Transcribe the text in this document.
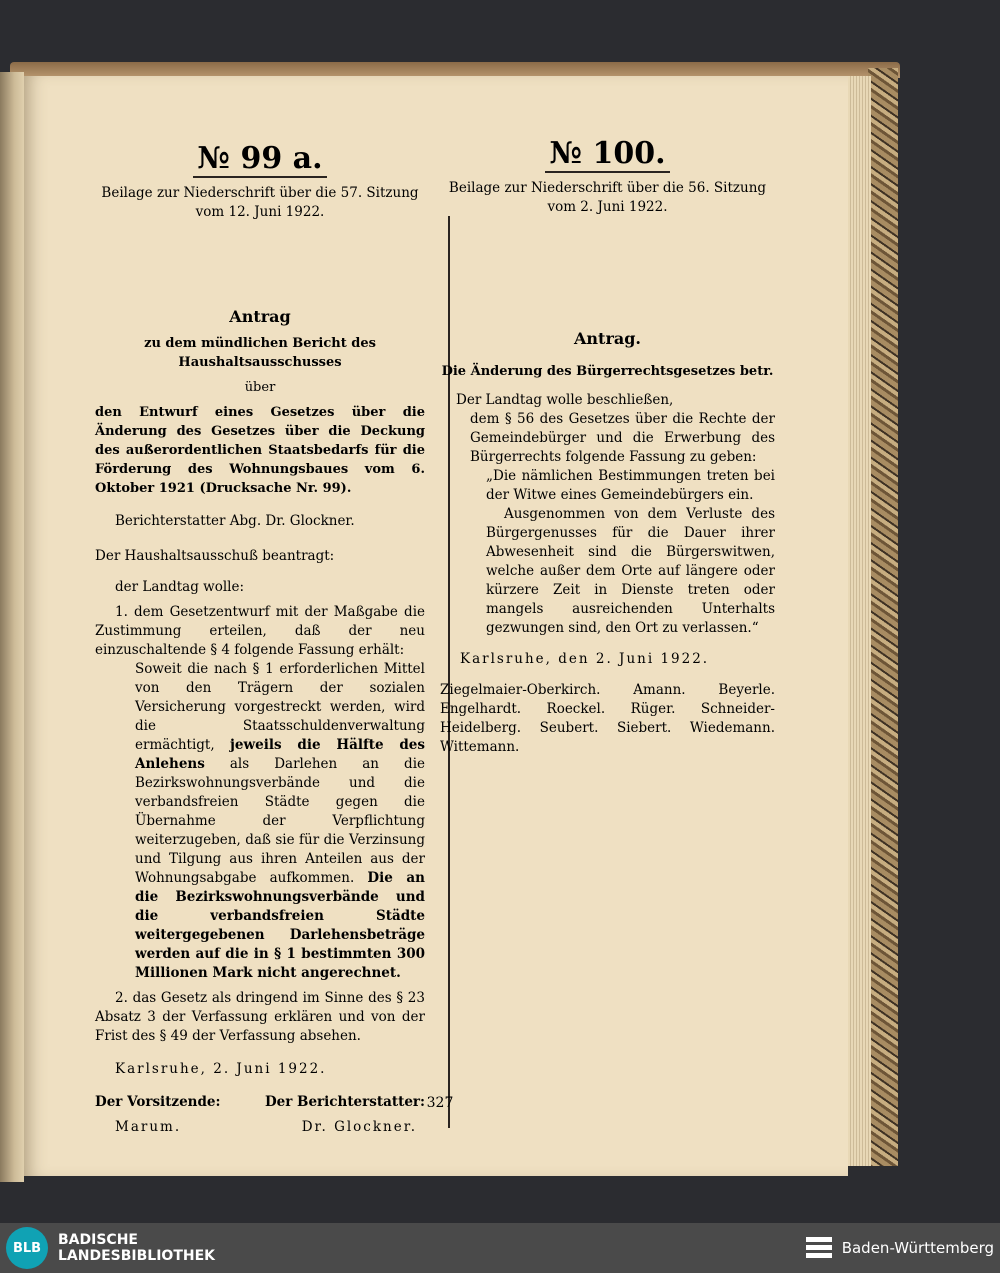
№ 99 a.
Beilage zur Niederschrift über die 57. Sitzung
vom 12. Juni 1922.
Antrag
zu dem mündlichen Bericht des Haushaltsausschusses
über
den Entwurf eines Gesetzes über die Änderung des Gesetzes über die Deckung des außerordentlichen Staatsbedarfs für die Förderung des Wohnungsbaues vom 6. Oktober 1921 (Drucksache Nr. 99).
Berichterstatter Abg. Dr. Glockner.
Der Haushaltsausschuß beantragt:
der Landtag wolle:
1. dem Gesetzentwurf mit der Maßgabe die Zustimmung erteilen, daß der neu einzuschaltende § 4 folgende Fassung erhält:
Soweit die nach § 1 erforderlichen Mittel von den Trägern der sozialen Versicherung vorgestreckt werden, wird die Staatsschuldenverwaltung ermächtigt, jeweils die Hälfte des Anlehens als Darlehen an die Bezirkswohnungsverbände und die verbandsfreien Städte gegen die Übernahme der Verpflichtung weiterzugeben, daß sie für die Verzinsung und Tilgung aus ihren Anteilen aus der Wohnungsabgabe aufkommen. Die an die Bezirkswohnungsverbände und die verbandsfreien Städte weitergegebenen Darlehensbeträge werden auf die in § 1 bestimmten 300 Millionen Mark nicht angerechnet.
2. das Gesetz als dringend im Sinne des § 23 Absatz 3 der Verfassung erklären und von der Frist des § 49 der Verfassung absehen.
Karlsruhe, 2. Juni 1922.
Der Vorsitzende:
Marum.
Der Berichterstatter:
Dr. Glockner.
№ 100.
Beilage zur Niederschrift über die 56. Sitzung
vom 2. Juni 1922.
Antrag.
Die Änderung des Bürgerrechtsgesetzes betr.
Der Landtag wolle beschließen,
dem § 56 des Gesetzes über die Rechte der Gemeindebürger und die Erwerbung des Bürgerrechts folgende Fassung zu geben:
„Die nämlichen Bestimmungen treten bei der Witwe eines Gemeindebürgers ein.
Ausgenommen von dem Verluste des Bürgergenusses für die Dauer ihrer Abwesenheit sind die Bürgerswitwen, welche außer dem Orte auf längere oder kürzere Zeit in Dienste treten oder mangels ausreichenden Unterhalts gezwungen sind, den Ort zu verlassen.“
Karlsruhe, den 2. Juni 1922.
Ziegelmaier-Oberkirch. Amann. Beyerle. Engelhardt. Roeckel. Rüger. Schneider-Heidelberg. Seubert. Siebert. Wiedemann. Wittemann.
327
BLB	BADISCHE
LANDESBIBLIOTHEK	Baden-Württemberg
